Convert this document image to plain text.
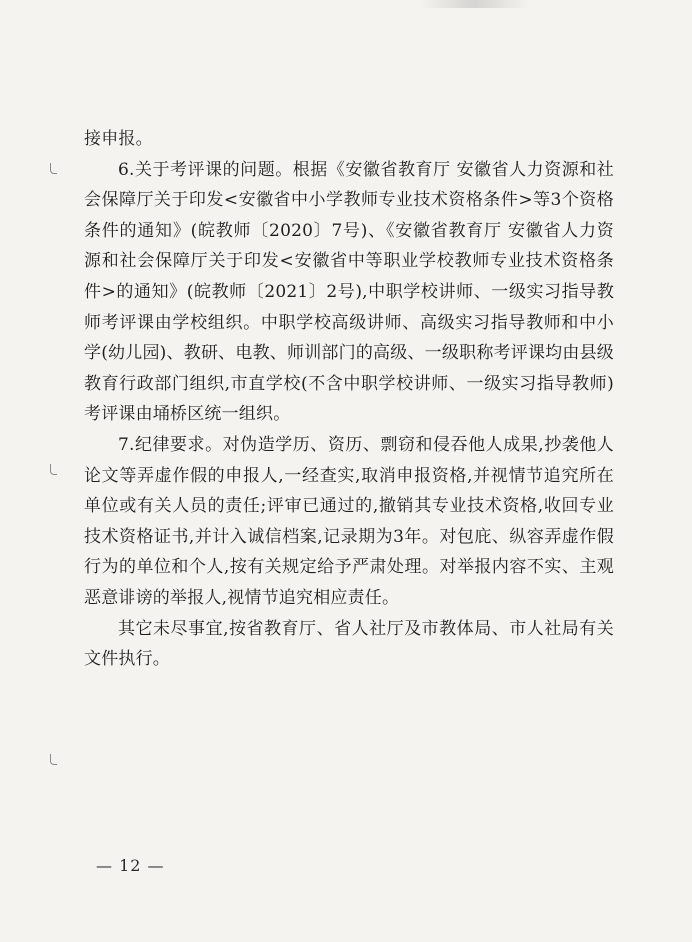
接申报。

6.关于考评课的问题。根据《安徽省教育厅 安徽省人力资源和社会保障厅关于印发<安徽省中小学教师专业技术资格条件>等3个资格条件的通知》(皖教师〔2020〕7号)、《安徽省教育厅 安徽省人力资源和社会保障厅关于印发<安徽省中等职业学校教师专业技术资格条件>的通知》(皖教师〔2021〕2号),中职学校讲师、一级实习指导教师考评课由学校组织。中职学校高级讲师、高级实习指导教师和中小学(幼儿园)、教研、电教、师训部门的高级、一级职称考评课均由县级教育行政部门组织,市直学校(不含中职学校讲师、一级实习指导教师)考评课由埇桥区统一组织。

7.纪律要求。对伪造学历、资历、剽窃和侵吞他人成果,抄袭他人论文等弄虚作假的申报人,一经查实,取消申报资格,并视情节追究所在单位或有关人员的责任;评审已通过的,撤销其专业技术资格,收回专业技术资格证书,并计入诚信档案,记录期为3年。对包庇、纵容弄虚作假行为的单位和个人,按有关规定给予严肃处理。对举报内容不实、主观恶意诽谤的举报人,视情节追究相应责任。

其它未尽事宜,按省教育厅、省人社厅及市教体局、市人社局有关文件执行。

— 12 —
